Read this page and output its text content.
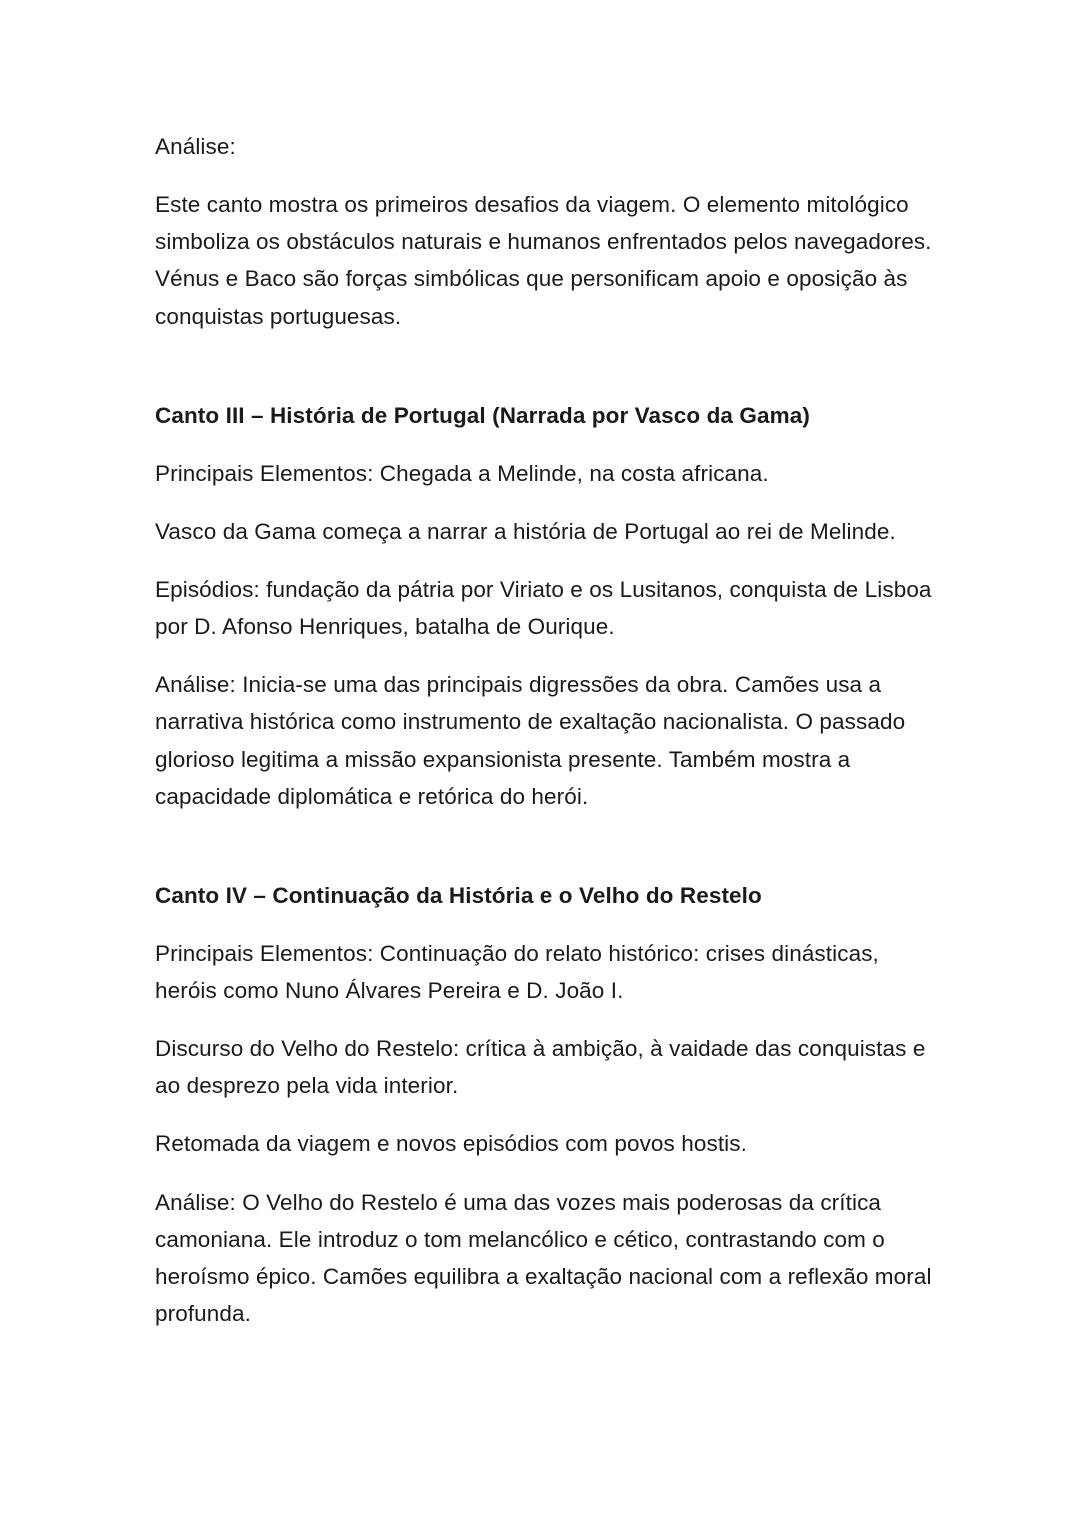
Análise:

Este canto mostra os primeiros desafios da viagem. O elemento mitológico simboliza os obstáculos naturais e humanos enfrentados pelos navegadores. Vénus e Baco são forças simbólicas que personificam apoio e oposição às conquistas portuguesas.

Canto III – História de Portugal (Narrada por Vasco da Gama)

Principais Elementos: Chegada a Melinde, na costa africana.

Vasco da Gama começa a narrar a história de Portugal ao rei de Melinde.

Episódios: fundação da pátria por Viriato e os Lusitanos, conquista de Lisboa por D. Afonso Henriques, batalha de Ourique.

Análise: Inicia-se uma das principais digressões da obra. Camões usa a narrativa histórica como instrumento de exaltação nacionalista. O passado glorioso legitima a missão expansionista presente. Também mostra a capacidade diplomática e retórica do herói.

Canto IV – Continuação da História e o Velho do Restelo

Principais Elementos: Continuação do relato histórico: crises dinásticas, heróis como Nuno Álvares Pereira e D. João I.

Discurso do Velho do Restelo: crítica à ambição, à vaidade das conquistas e ao desprezo pela vida interior.

Retomada da viagem e novos episódios com povos hostis.

Análise: O Velho do Restelo é uma das vozes mais poderosas da crítica camoniana. Ele introduz o tom melancólico e cético, contrastando com o heroísmo épico. Camões equilibra a exaltação nacional com a reflexão moral profunda.
